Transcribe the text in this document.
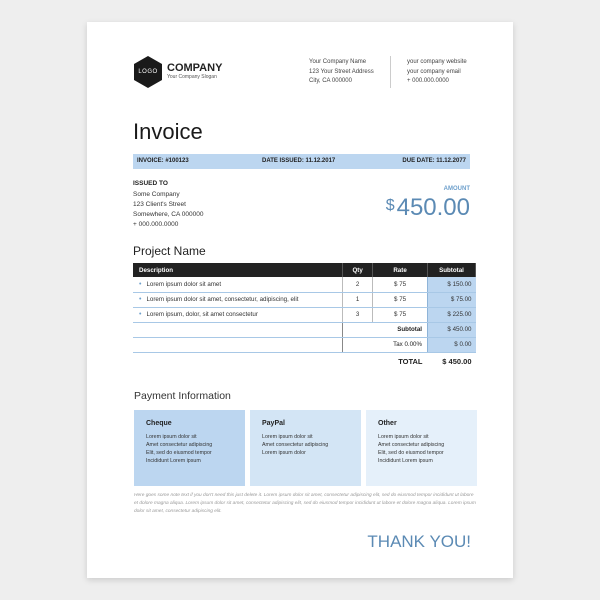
LOGO COMPANY
Your Company Slogan
Your Company Name
123 Your Street Address
City, CA 000000
your company website
your company email
+ 000.000.0000
Invoice
INVOICE: #100123	DATE ISSUED: 11.12.2017	DUE DATE: 11.12.2077
ISSUED TO
Some Company
123 Client's Street
Somewhere, CA 000000
+ 000.000.0000
AMOUNT
$450.00
Project Name
Description	Qty	Rate	Subtotal
• Lorem ipsum dolor sit amet	2	$ 75	$ 150.00
• Lorem ipsum dolor sit amet, consectetur, adipiscing, elit	1	$ 75	$ 75.00
• Lorem ipsum, dolor, sit amet consectetur	3	$ 75	$ 225.00
	Subtotal		$ 450.00
	Tax 0.00%		$ 0.00
	TOTAL		$ 450.00
Payment Information
Cheque
Lorem ipsum dolor sit
Amet consectetur adipiscing
Elit, sed do eiusmod tempor
Incididunt Lorem ipsum
PayPal
Lorem ipsum dolor sit
Amet consectetur adipiscing
Lorem ipsum dolor
Other
Lorem ipsum dolor sit
Amet consectetur adipiscing
Elit, sed do eiusmod tempor
Incididunt Lorem ipsum
Here goes some note text if you don't need this just delete it. Lorem ipsum dolor sit amet, consectetur adipiscing elit, sed do eiusmod tempor incididunt ut labore et dolore magna aliqua. Lorem ipsum dolor sit amet, consectetur adipiscing elit, sed do eiusmod tempor incididunt ut labore et dolore magna aliqua. Lorem ipsum dolor sit amet, consectetur adipiscing elit.
THANK YOU!
